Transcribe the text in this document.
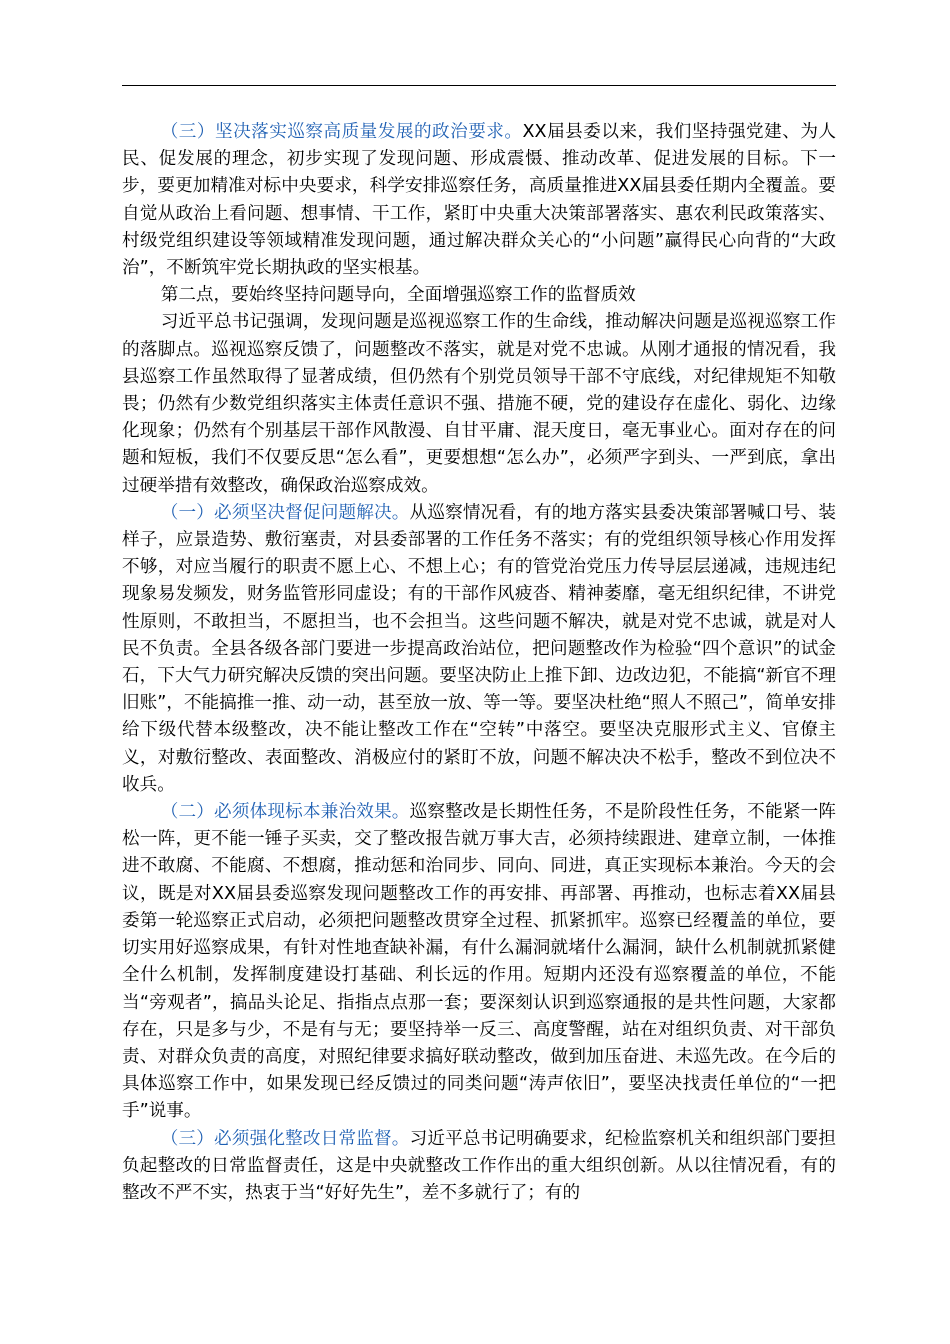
（三）坚决落实巡察高质量发展的政治要求。XX届县委以来，我们坚持强党建、为人民、促发展的理念，初步实现了发现问题、形成震慑、推动改革、促进发展的目标。下一步，要更加精准对标中央要求，科学安排巡察任务，高质量推进XX届县委任期内全覆盖。要自觉从政治上看问题、想事情、干工作，紧盯中央重大决策部署落实、惠农利民政策落实、村级党组织建设等领域精准发现问题，通过解决群众关心的“小问题”赢得民心向背的“大政治”，不断筑牢党长期执政的坚实根基。

第二点，要始终坚持问题导向，全面增强巡察工作的监督质效

习近平总书记强调，发现问题是巡视巡察工作的生命线，推动解决问题是巡视巡察工作的落脚点。巡视巡察反馈了，问题整改不落实，就是对党不忠诚。从刚才通报的情况看，我县巡察工作虽然取得了显著成绩，但仍然有个别党员领导干部不守底线，对纪律规矩不知敬畏；仍然有少数党组织落实主体责任意识不强、措施不硬，党的建设存在虚化、弱化、边缘化现象；仍然有个别基层干部作风散漫、自甘平庸、混天度日，毫无事业心。面对存在的问题和短板，我们不仅要反思“怎么看”，更要想想“怎么办”，必须严字到头、一严到底，拿出过硬举措有效整改，确保政治巡察成效。

（一）必须坚决督促问题解决。从巡察情况看，有的地方落实县委决策部署喊口号、装样子，应景造势、敷衍塞责，对县委部署的工作任务不落实；有的党组织领导核心作用发挥不够，对应当履行的职责不愿上心、不想上心；有的管党治党压力传导层层递减，违规违纪现象易发频发，财务监管形同虚设；有的干部作风疲沓、精神萎靡，毫无组织纪律，不讲党性原则，不敢担当，不愿担当，也不会担当。这些问题不解决，就是对党不忠诚，就是对人民不负责。全县各级各部门要进一步提高政治站位，把问题整改作为检验“四个意识”的试金石，下大气力研究解决反馈的突出问题。要坚决防止上推下卸、边改边犯，不能搞“新官不理旧账”，不能搞推一推、动一动，甚至放一放、等一等。要坚决杜绝“照人不照己”，简单安排给下级代替本级整改，决不能让整改工作在“空转”中落空。要坚决克服形式主义、官僚主义，对敷衍整改、表面整改、消极应付的紧盯不放，问题不解决决不松手，整改不到位决不收兵。

（二）必须体现标本兼治效果。巡察整改是长期性任务，不是阶段性任务，不能紧一阵松一阵，更不能一锤子买卖，交了整改报告就万事大吉，必须持续跟进、建章立制，一体推进不敢腐、不能腐、不想腐，推动惩和治同步、同向、同进，真正实现标本兼治。今天的会议，既是对XX届县委巡察发现问题整改工作的再安排、再部署、再推动，也标志着XX届县委第一轮巡察正式启动，必须把问题整改贯穿全过程、抓紧抓牢。巡察已经覆盖的单位，要切实用好巡察成果，有针对性地查缺补漏，有什么漏洞就堵什么漏洞，缺什么机制就抓紧健全什么机制，发挥制度建设打基础、利长远的作用。短期内还没有巡察覆盖的单位，不能当“旁观者”，搞品头论足、指指点点那一套；要深刻认识到巡察通报的是共性问题，大家都存在，只是多与少，不是有与无；要坚持举一反三、高度警醒，站在对组织负责、对干部负责、对群众负责的高度，对照纪律要求搞好联动整改，做到加压奋进、未巡先改。在今后的具体巡察工作中，如果发现已经反馈过的同类问题“涛声依旧”，要坚决找责任单位的“一把手”说事。

（三）必须强化整改日常监督。习近平总书记明确要求，纪检监察机关和组织部门要担负起整改的日常监督责任，这是中央就整改工作作出的重大组织创新。从以往情况看，有的整改不严不实，热衷于当“好好先生”，差不多就行了；有的
